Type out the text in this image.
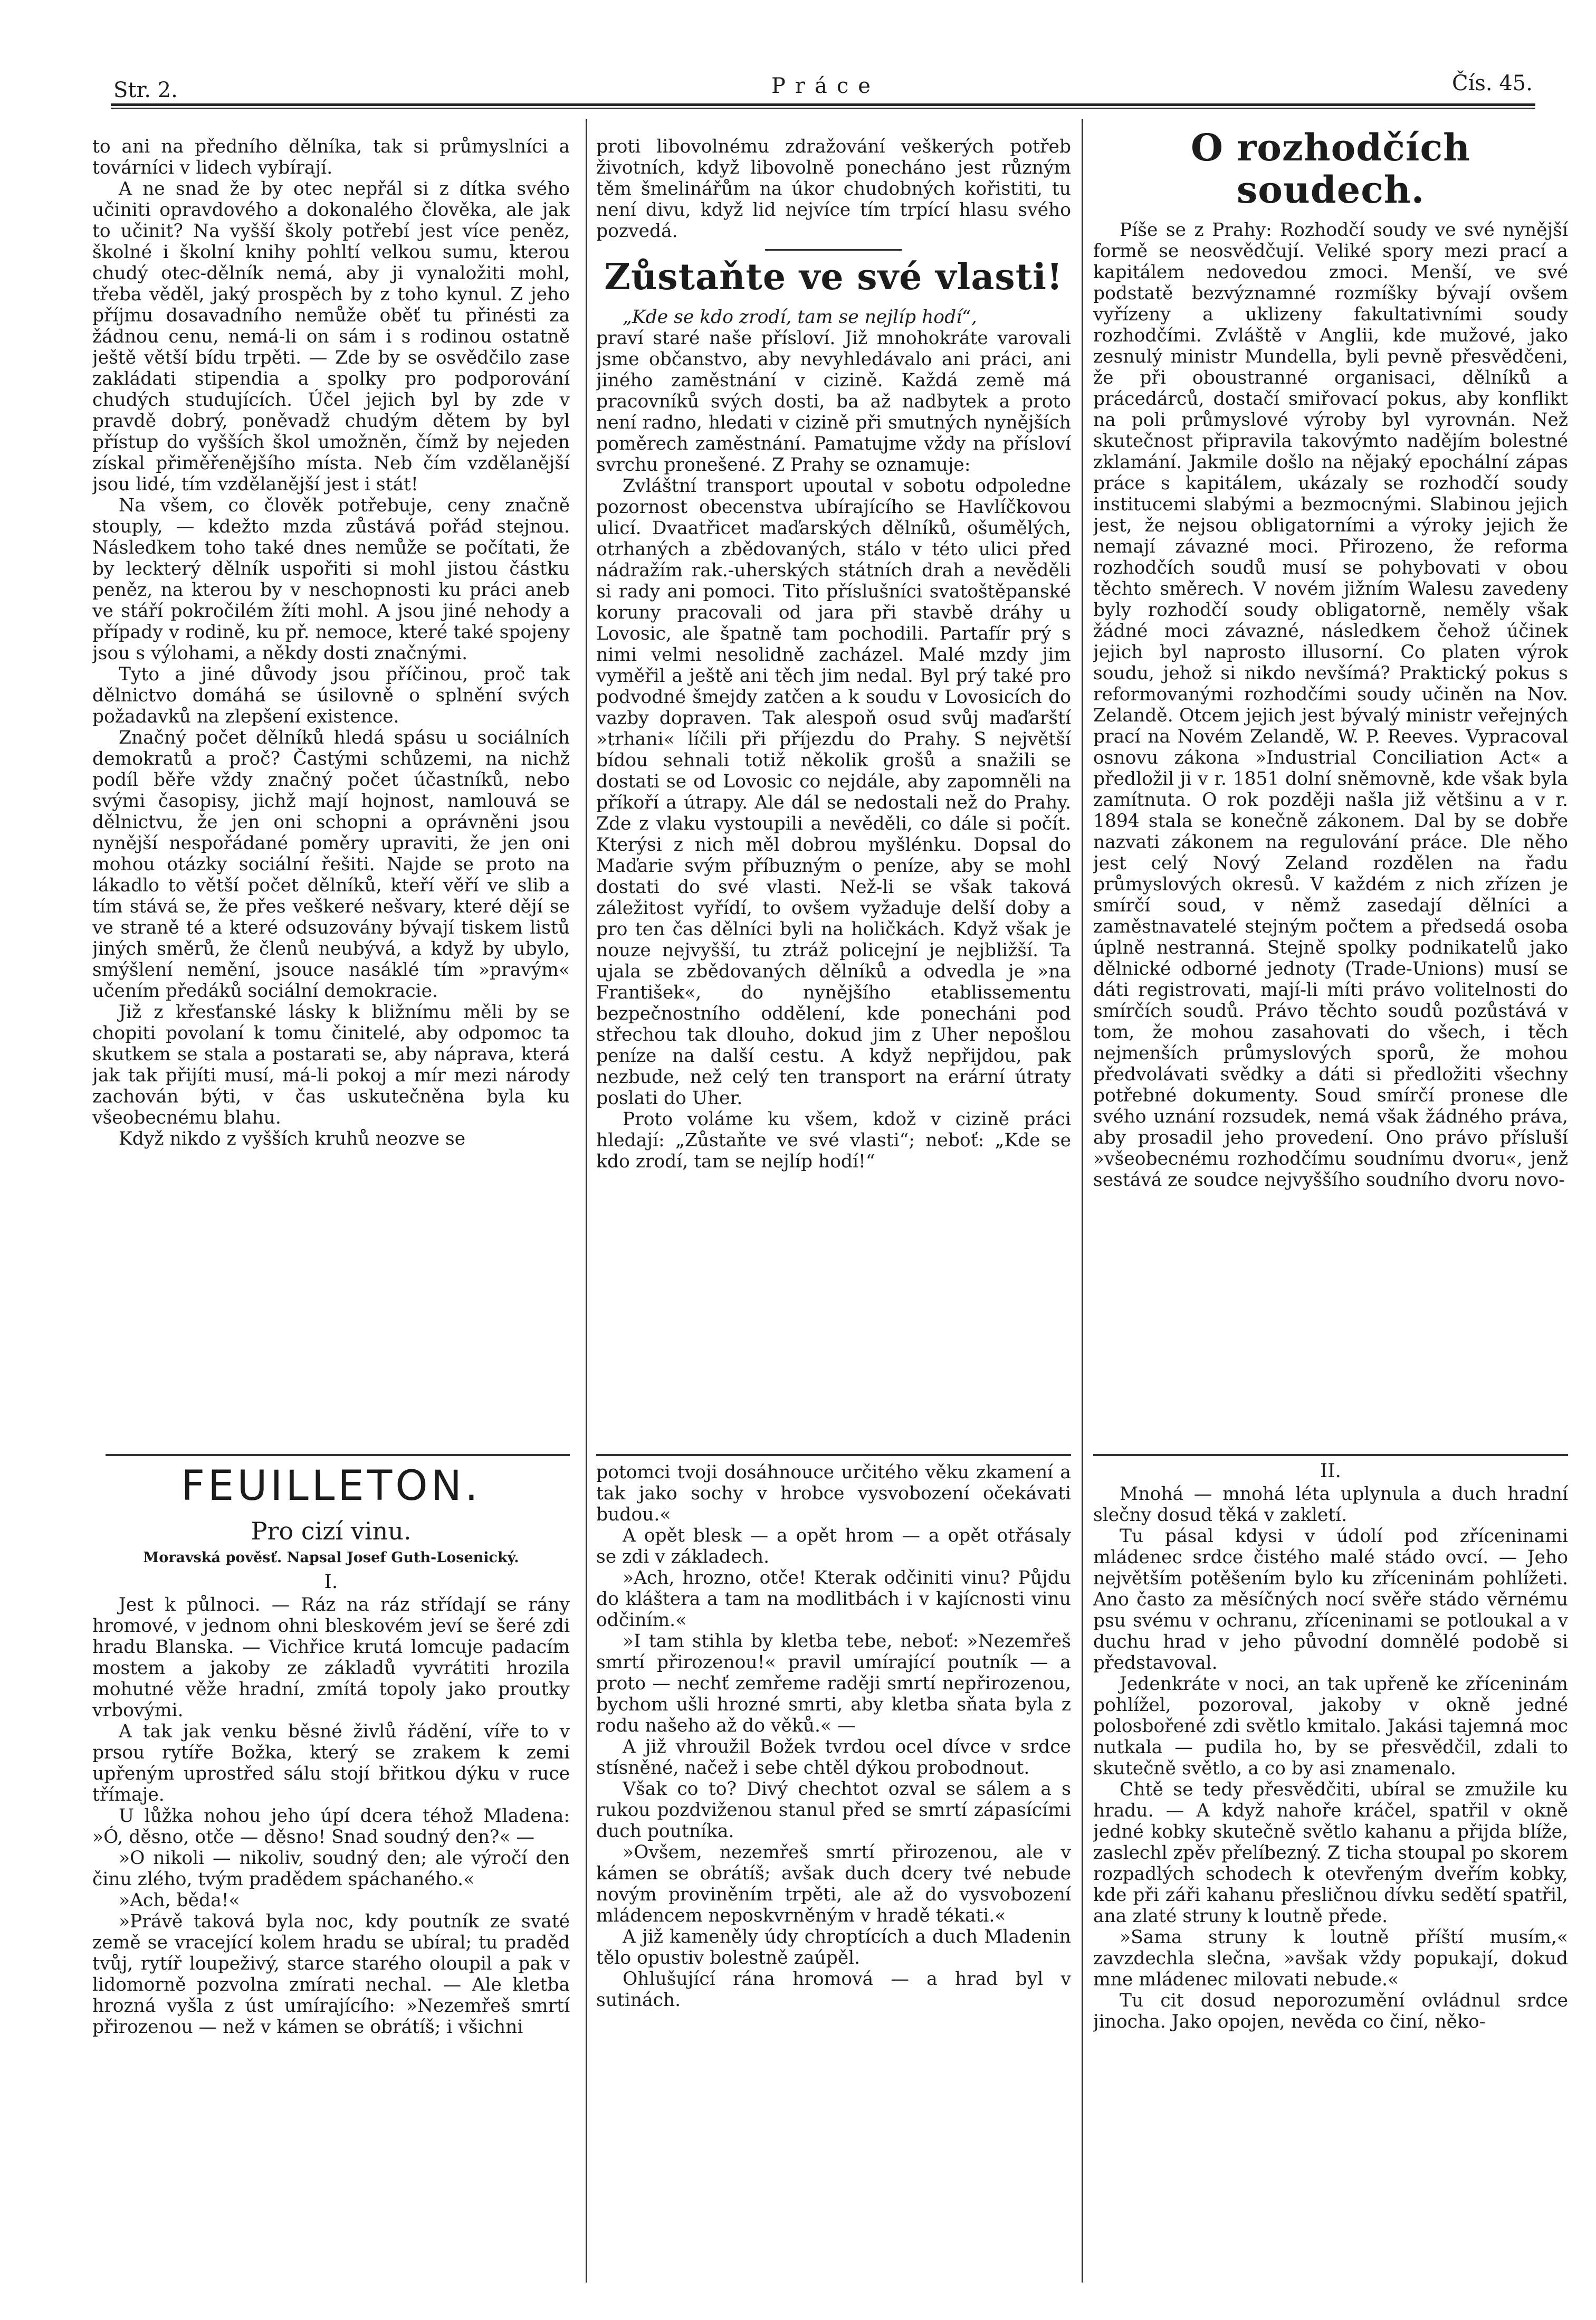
Str. 2.	Práce	Čís. 45.

to ani na předního dělníka, tak si průmyslníci a továrníci v lidech vybírají.

A ne snad že by otec nepřál si z dítka svého učiniti opravdového a dokonalého člověka, ale jak to učinit? Na vyšší školy potřebí jest více peněz, školné i školní knihy pohltí velkou sumu, kterou chudý otec-dělník nemá, aby ji vynaložiti mohl, třeba věděl, jaký prospěch by z toho kynul. Z jeho příjmu dosavadního nemůže oběť tu přinésti za žádnou cenu, nemá-li on sám i s rodinou ostatně ještě větší bídu trpěti. — Zde by se osvědčilo zase zakládati stipendia a spolky pro podporování chudých studujících. Účel jejich byl by zde v pravdě dobrý, poněvadž chudým dětem by byl přístup do vyšších škol umožněn, čímž by nejeden získal přiměřenějšího místa. Neb čím vzdělanější jsou lidé, tím vzdělanější jest i stát!

Na všem, co člověk potřebuje, ceny značně stouply, — kdežto mzda zůstává pořád stejnou. Následkem toho také dnes nemůže se počítati, že by leckterý dělník uspořiti si mohl jistou částku peněz, na kterou by v neschopnosti ku práci aneb ve stáří pokročilém žíti mohl. A jsou jiné nehody a případy v rodině, ku př. nemoce, které také spojeny jsou s výlohami, a někdy dosti značnými.

Tyto a jiné důvody jsou příčinou, proč tak dělnictvo domáhá se úsilovně o splnění svých požadavků na zlepšení existence.

Značný počet dělníků hledá spásu u sociálních demokratů a proč? Častými schůzemi, na nichž podíl běře vždy značný počet účastníků, nebo svými časopisy, jichž mají hojnost, namlouvá se dělnictvu, že jen oni schopni a oprávněni jsou nynější nespořádané poměry upraviti, že jen oni mohou otázky sociální řešiti. Najde se proto na lákadlo to větší počet dělníků, kteří věří ve slib a tím stává se, že přes veškeré nešvary, které dějí se ve straně té a které odsuzovány bývají tiskem listů jiných směrů, že členů neubývá, a když by ubylo, smýšlení nemění, jsouce nasáklé tím »pravým« učením předáků sociální demokracie.

Již z křesťanské lásky k bližnímu měli by se chopiti povolaní k tomu činitelé, aby odpomoc ta skutkem se stala a postarati se, aby náprava, která jak tak přijíti musí, má-li pokoj a mír mezi národy zachován býti, v čas uskutečněna byla ku všeobecnému blahu.

Když nikdo z vyšších kruhů neozve se

proti libovolnému zdražování veškerých potřeb životních, když libovolně ponecháno jest různým těm šmelinářům na úkor chudobných kořistiti, tu není divu, když lid nejvíce tím trpící hlasu svého pozvedá.

Zůstaňte ve své vlasti!

„Kde se kdo zrodí, tam se nejlíp hodí“,

praví staré naše přísloví. Již mnohokráte varovali jsme občanstvo, aby nevyhledávalo ani práci, ani jiného zaměstnání v cizině. Každá země má pracovníků svých dosti, ba až nadbytek a proto není radno, hledati v cizině při smutných nynějších poměrech zaměstnání. Pamatujme vždy na přísloví svrchu pronešené. Z Prahy se oznamuje:

Zvláštní transport upoutal v sobotu odpoledne pozornost obecenstva ubírajícího se Havlíčkovou ulicí. Dvaatřicet maďarských dělníků, ošumělých, otrhaných a zbědovaných, stálo v této ulici před nádražím rak.-uherských státních drah a nevěděli si rady ani pomoci. Tito příslušníci svatoštěpanské koruny pracovali od jara při stavbě dráhy u Lovosic, ale špatně tam pochodili. Partafír prý s nimi velmi nesolidně zacházel. Malé mzdy jim vyměřil a ještě ani těch jim nedal. Byl prý také pro podvodné šmejdy zatčen a k soudu v Lovosicích do vazby dopraven. Tak alespoň osud svůj maďarští »trhani« líčili při příjezdu do Prahy. S největší bídou sehnali totiž několik grošů a snažili se dostati se od Lovosic co nejdále, aby zapomněli na příkoří a útrapy. Ale dál se nedostali než do Prahy. Zde z vlaku vystoupili a nevěděli, co dále si počít. Kterýsi z nich měl dobrou myšlénku. Dopsal do Maďarie svým příbuzným o peníze, aby se mohl dostati do své vlasti. Než-li se však taková záležitost vyřídí, to ovšem vyžaduje delší doby a pro ten čas dělníci byli na holičkách. Když však je nouze nejvyšší, tu ztráž policejní je nejbližší. Ta ujala se zbědovaných dělníků a odvedla je »na František«, do nynějšího etablissementu bezpečnostního oddělení, kde ponecháni pod střechou tak dlouho, dokud jim z Uher nepošlou peníze na další cestu. A když nepřijdou, pak nezbude, než celý ten transport na erární útraty poslati do Uher.

Proto voláme ku všem, kdož v cizině práci hledají: „Zůstaňte ve své vlasti“; neboť: „Kde se kdo zrodí, tam se nejlíp hodí!“

O rozhodčích soudech.

Píše se z Prahy: Rozhodčí soudy ve své nynější formě se neosvědčují. Veliké spory mezi prací a kapitálem nedovedou zmoci. Menší, ve své podstatě bezvýznamné rozmíšky bývají ovšem vyřízeny a uklizeny fakultativními soudy rozhodčími. Zvláště v Anglii, kde mužové, jako zesnulý ministr Mundella, byli pevně přesvědčeni, že při oboustranné organisaci, dělníků a prácedárců, dostačí smiřovací pokus, aby konflikt na poli průmyslové výroby byl vyrovnán. Než skutečnost připravila takovýmto nadějím bolestné zklamání. Jakmile došlo na nějaký epochální zápas práce s kapitálem, ukázaly se rozhodčí soudy institucemi slabými a bezmocnými. Slabinou jejich jest, že nejsou obligatorními a výroky jejich že nemají závazné moci. Přirozeno, že reforma rozhodčích soudů musí se pohybovati v obou těchto směrech. V novém jižním Walesu zavedeny byly rozhodčí soudy obligatorně, neměly však žádné moci závazné, následkem čehož účinek jejich byl naprosto illusorní. Co platen výrok soudu, jehož si nikdo nevšímá? Praktický pokus s reformovanými rozhodčími soudy učiněn na Nov. Zelandě. Otcem jejich jest bývalý ministr veřejných prací na Novém Zelandě, W. P. Reeves. Vypracoval osnovu zákona »Industrial Conciliation Act« a předložil ji v r. 1851 dolní sněmovně, kde však byla zamítnuta. O rok později našla již většinu a v r. 1894 stala se konečně zákonem. Dal by se dobře nazvati zákonem na regulování práce. Dle něho jest celý Nový Zeland rozdělen na řadu průmyslových okresů. V každém z nich zřízen je smírčí soud, v němž zasedají dělníci a zaměstnavatelé stejným počtem a předsedá osoba úplně nestranná. Stejně spolky podnikatelů jako dělnické odborné jednoty (Trade-Unions) musí se dáti registrovati, mají-li míti právo volitelnosti do smírčích soudů. Právo těchto soudů pozůstává v tom, že mohou zasahovati do všech, i těch nejmenších průmyslových sporů, že mohou předvolávati svědky a dáti si předložiti všechny potřebné dokumenty. Soud smírčí pronese dle svého uznání rozsudek, nemá však žádného práva, aby prosadil jeho provedení. Ono právo přísluší »všeobecnému rozhodčímu soudnímu dvoru«, jenž sestává ze soudce nejvyššího soudního dvoru novo-

FEUILLETON.
Pro cizí vinu.
Moravská pověsť. Napsal Josef Guth-Losenický.
I.

Jest k půlnoci. — Ráz na ráz střídají se rány hromové, v jednom ohni bleskovém jeví se šeré zdi hradu Blanska. — Vichřice krutá lomcuje padacím mostem a jakoby ze základů vyvrátiti hrozila mohutné věže hradní, zmítá topoly jako proutky vrbovými.

A tak jak venku běsné živlů řádění, víře to v prsou rytíře Božka, který se zrakem k zemi upřeným uprostřed sálu stojí břitkou dýku v ruce třímaje.

U lůžka nohou jeho úpí dcera téhož Mladena: »Ó, děsno, otče — děsno! Snad soudný den?« —

»O nikoli — nikoliv, soudný den; ale výročí den činu zlého, tvým pradědem spáchaného.«

»Ach, běda!«

»Právě taková byla noc, kdy poutník ze svaté země se vracející kolem hradu se ubíral; tu praděd tvůj, rytíř loupeživý, starce starého oloupil a pak v lidomorně pozvolna zmírati nechal. — Ale kletba hrozná vyšla z úst umírajícího: »Nezemřeš smrtí přirozenou — než v kámen se obrátíš; i všichni

potomci tvoji dosáhnouce určitého věku zkamení a tak jako sochy v hrobce vysvobození očekávati budou.«

A opět blesk — a opět hrom — a opět otřásaly se zdi v základech.

»Ach, hrozno, otče! Kterak odčiniti vinu? Půjdu do kláštera a tam na modlitbách i v kajícnosti vinu odčiním.«

»I tam stihla by kletba tebe, neboť: »Nezemřeš smrtí přirozenou!« pravil umírající poutník — a proto — nechť zemřeme raději smrtí nepřirozenou, bychom ušli hrozné smrti, aby kletba sňata byla z rodu našeho až do věků.« —

A již vhroužil Božek tvrdou ocel dívce v srdce stísněné, načež i sebe chtěl dýkou probodnout.

Však co to? Divý chechtot ozval se sálem a s rukou pozdviženou stanul před se smrtí zápasícími duch poutníka.

»Ovšem, nezemřeš smrtí přirozenou, ale v kámen se obrátíš; avšak duch dcery tvé nebude novým proviněním trpěti, ale až do vysvobození mládencem neposkvrněným v hradě tékati.«

A již kameněly údy chroptících a duch Mladenin tělo opustiv bolestně zaúpěl.

Ohlušující rána hromová — a hrad byl v sutinách.

II.

Mnohá — mnohá léta uplynula a duch hradní slečny dosud těká v zakletí.

Tu pásal kdysi v údolí pod zříceninami mládenec srdce čistého malé stádo ovcí. — Jeho největším potěšením bylo ku zříceninám pohlížeti. Ano často za měsíčných nocí svěře stádo věrnému psu svému v ochranu, zříceninami se potloukal a v duchu hrad v jeho původní domnělé podobě si představoval.

Jedenkráte v noci, an tak upřeně ke zříceninám pohlížel, pozoroval, jakoby v okně jedné polosbořené zdi světlo kmitalo. Jakási tajemná moc nutkala — pudila ho, by se přesvědčil, zdali to skutečně světlo, a co by asi znamenalo.

Chtě se tedy přesvědčiti, ubíral se zmužile ku hradu. — A když nahoře kráčel, spatřil v okně jedné kobky skutečně světlo kahanu a přijda blíže, zaslechl zpěv přelíbezný. Z ticha stoupal po skorem rozpadlých schodech k otevřeným dveřím kobky, kde při záři kahanu přesličnou dívku sedětí spatřil, ana zlaté struny k loutně přede.

»Sama struny k loutně příští musím,« zavzdechla slečna, »avšak vždy popukají, dokud mne mládenec milovati nebude.«

Tu cit dosud neporozumění ovládnul srdce jinocha. Jako opojen, nevěda co činí, něko-
